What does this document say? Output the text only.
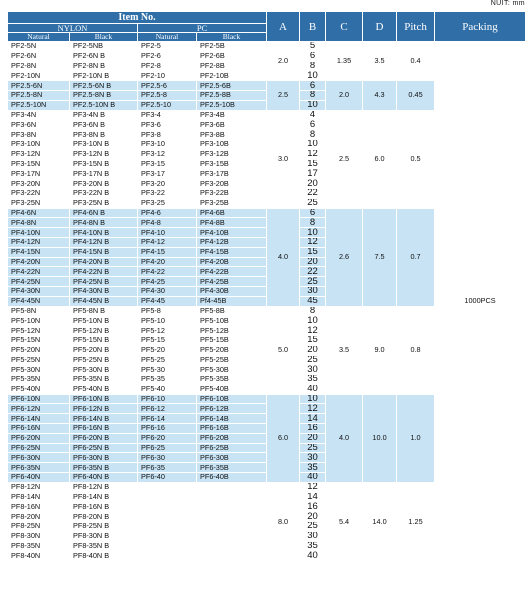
NUIT: mm
Item No.				A	B	C	D	Pitch	Packing
NYLON		PC							
Natural	Black	Natural	Black						
PF2-5N	PF2-5NB	PF2-5	PF2-5B	2.0	5	1.35	3.5	0.4	1000PCS
PF2-6N	PF2-6N B	PF2-6	PF2-6B		6				
PF2-8N	PF2-8N B	PF2-8	PF2-8B		8				
PF2-10N	PF2-10N B	PF2-10	PF2-10B		10				
PF2.5-6N	PF2.5-6N B	PF2.5-6	PF2.5-6B	2.5	6	2.0	4.3	0.45	
PF2.5-8N	PF2.5-8N B	PF2.5-8	PF2.5-8B		8				
PF2.5-10N	PF2.5-10N B	PF2.5-10	PF2.5-10B		10				
PF3-4N	PF3-4N B	PF3-4	PF3-4B	3.0	4	2.5	6.0	0.5	
PF3-6N	PF3-6N B	PF3-6	PF3-6B		6				
PF3-8N	PF3-8N B	PF3-8	PF3-8B		8				
PF3-10N	PF3-10N B	PF3-10	PF3-10B		10				
PF3-12N	PF3-12N B	PF3-12	PF3-12B		12				
PF3-15N	PF3-15N B	PF3-15	PF3-15B		15				
PF3-17N	PF3-17N B	PF3-17	PF3-17B		17				
PF3-20N	PF3-20N B	PF3-20	PF3-20B		20				
PF3-22N	PF3-22N B	PF3-22	PF3-22B		22				
PF3-25N	PF3-25N B	PF3-25	PF3-25B		25				
PF4-6N	PF4-6N B	PF4-6	PF4-6B	4.0	6	2.6	7.5	0.7	
PF4-8N	PF4-8N B	PF4-8	PF4-8B		8				
PF4-10N	PF4-10N B	PF4-10	PF4-10B		10				
PF4-12N	PF4-12N B	PF4-12	PF4-12B		12				
PF4-15N	PF4-15N B	PF4-15	PF4-15B		15				
PF4-20N	PF4-20N B	PF4-20	PF4-20B		20				
PF4-22N	PF4-22N B	PF4-22	PF4-22B		22				
PF4-25N	PF4-25N B	PF4-25	PF4-25B		25				
PF4-30N	PF4-30N B	PF4-30	PF4-30B		30				
PF4-45N	PF4-45N B	PF4-45	Pf4-45B		45				
PF5-8N	PF5-8N B	PF5-8	PF5-8B	5.0	8	3.5	9.0	0.8	
PF5-10N	PF5-10N B	PF5-10	PF5-10B		10				
PF5-12N	PF5-12N B	PF5-12	PF5-12B		12				
PF5-15N	PF5-15N B	PF5-15	PF5-15B		15				
PF5-20N	PF5-20N B	PF5-20	PF5-20B		20				
PF5-25N	PF5-25N B	PF5-25	PF5-25B		25				
PF5-30N	PF5-30N B	PF5-30	PF5-30B		30				
PF5-35N	PF5-35N B	PF5-35	PF5-35B		35				
PF5-40N	PF5-40N B	PF5-40	PF5-40B		40				
PF6-10N	PF6-10N B	PF6-10	PF6-10B	6.0	10	4.0	10.0	1.0	
PF6-12N	PF6-12N B	PF6-12	PF6-12B		12				
PF6-14N	PF6-14N B	PF6-14	PF6-14B		14				
PF6-16N	PF6-16N B	PF6-16	PF6-16B		16				
PF6-20N	PF6-20N B	PF6-20	PF6-20B		20				
PF6-25N	PF6-25N B	PF6-25	PF6-25B		25				
PF6-30N	PF6-30N B	PF6-30	PF6-30B		30				
PF6-35N	PF6-35N B	PF6-35	PF6-35B		35				
PF6-40N	PF6-40N B	PF6-40	PF6-40B		40				
PF8-12N	PF8-12N B			8.0	12	5.4	14.0	1.25	
PF8-14N	PF8-14N B				14				
PF8-16N	PF8-16N B				16				
PF8-20N	PF8-20N B				20				
PF8-25N	PF8-25N B				25				
PF8-30N	PF8-30N B				30				
PF8-35N	PF8-35N B				35				
PF8-40N	PF8-40N B				40				
